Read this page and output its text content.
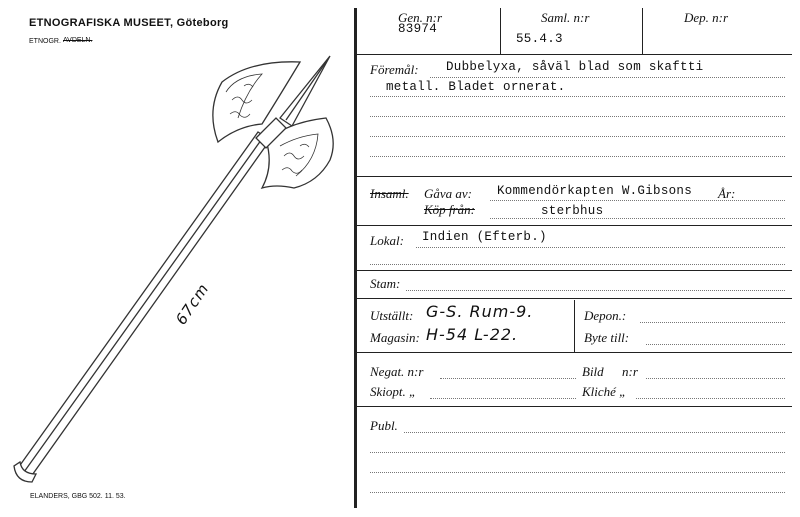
ETNOGRAFISKA MUSEET, Göteborg
ETNOGR. AVDELN.
67cm
ELANDERS, GBG 502. 11. 53.
Gen. n:r
83974
Saml. n:r
55.4.3
Dep. n:r
Föremål: Dubbelyxa, såväl blad som skaftti
metall. Bladet ornerat.
Insaml. Gåva av: Kommendörkapten W.Gibsons År:
Köp från:	sterbhus
Lokal: Indien (Efterb.)
Stam:
Utställt: G-S. Rum-9.	Depon.:
Magasin: H-54 L-22.	Byte till:
Negat. n:r	Bild n:r
Skiopt. „	Kliché „
Publ.
